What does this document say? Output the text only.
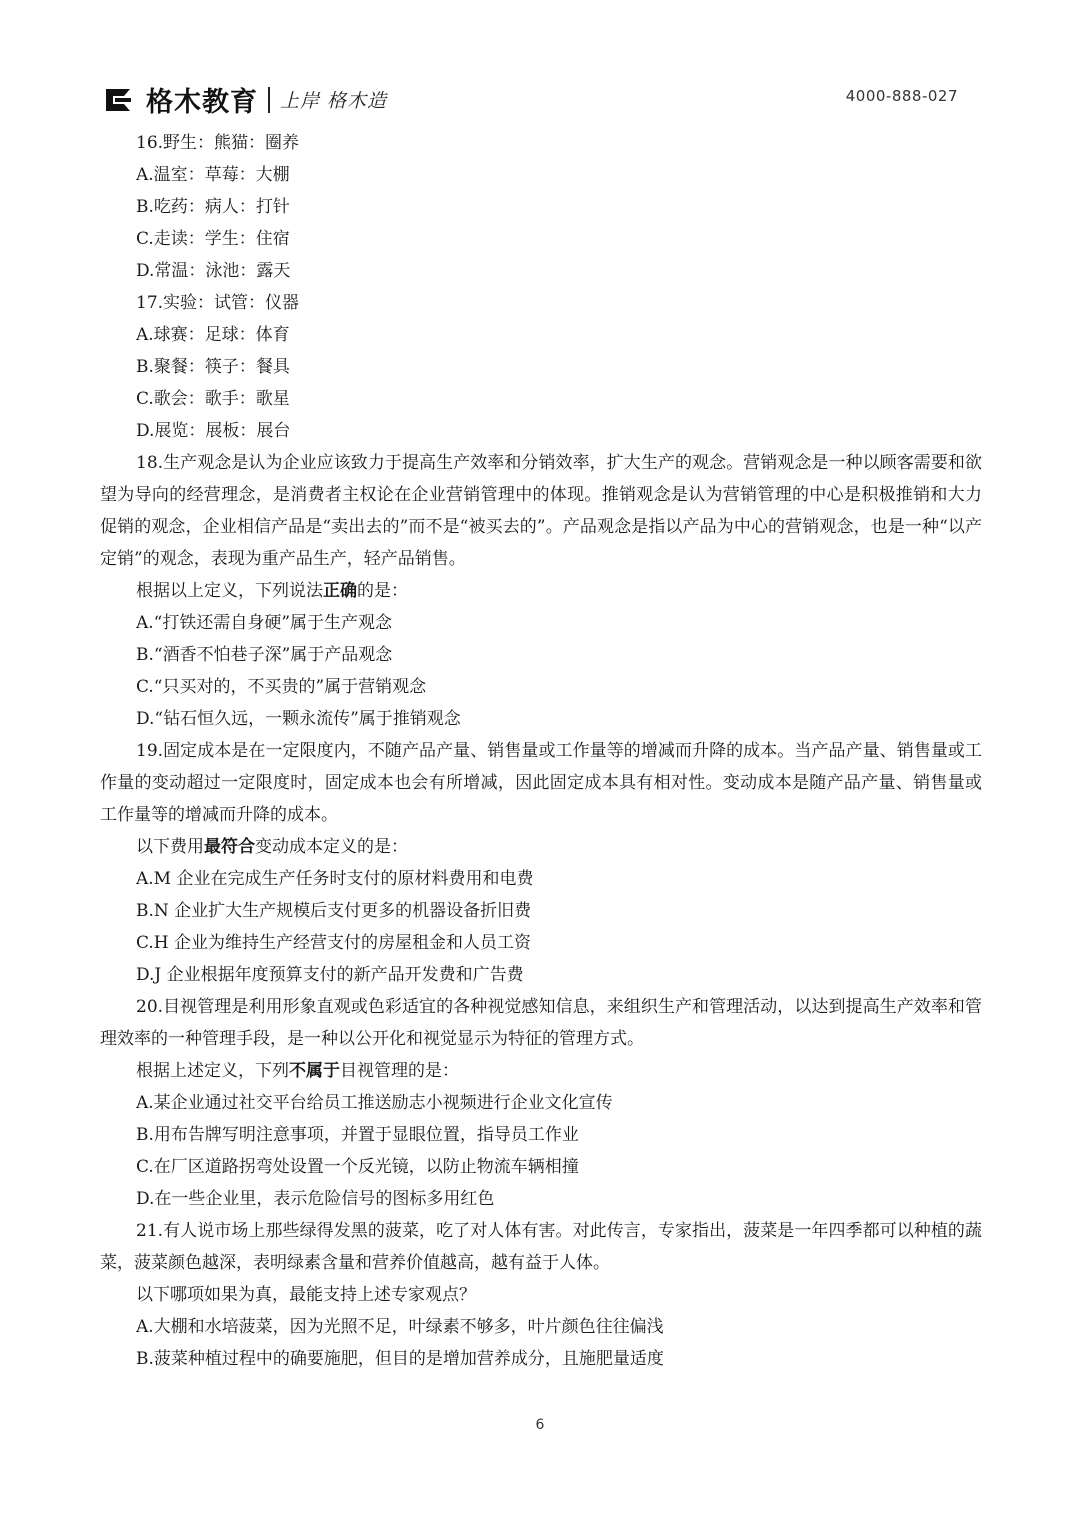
格木教育 上岸 格木造	4000-888-027

16.野生：熊猫：圈养

A.温室：草莓：大棚

B.吃药：病人：打针

C.走读：学生：住宿

D.常温：泳池：露天

17.实验：试管：仪器

A.球赛：足球：体育

B.聚餐：筷子：餐具

C.歌会：歌手：歌星

D.展览：展板：展台

18.生产观念是认为企业应该致力于提高生产效率和分销效率，扩大生产的观念。营销观念是一种以顾客需要和欲望为导向的经营理念，是消费者主权论在企业营销管理中的体现。推销观念是认为营销管理的中心是积极推销和大力促销的观念，企业相信产品是“卖出去的”而不是“被买去的”。产品观念是指以产品为中心的营销观念，也是一种“以产定销”的观念，表现为重产品生产，轻产品销售。

根据以上定义，下列说法正确的是：

A.“打铁还需自身硬”属于生产观念

B.“酒香不怕巷子深”属于产品观念

C.“只买对的，不买贵的”属于营销观念

D.“钻石恒久远，一颗永流传”属于推销观念

19.固定成本是在一定限度内，不随产品产量、销售量或工作量等的增减而升降的成本。当产品产量、销售量或工作量的变动超过一定限度时，固定成本也会有所增减，因此固定成本具有相对性。变动成本是随产品产量、销售量或工作量等的增减而升降的成本。

以下费用最符合变动成本定义的是：

A.M 企业在完成生产任务时支付的原材料费用和电费

B.N 企业扩大生产规模后支付更多的机器设备折旧费

C.H 企业为维持生产经营支付的房屋租金和人员工资

D.J 企业根据年度预算支付的新产品开发费和广告费

20.目视管理是利用形象直观或色彩适宜的各种视觉感知信息，来组织生产和管理活动，以达到提高生产效率和管理效率的一种管理手段，是一种以公开化和视觉显示为特征的管理方式。

根据上述定义，下列不属于目视管理的是：

A.某企业通过社交平台给员工推送励志小视频进行企业文化宣传

B.用布告牌写明注意事项，并置于显眼位置，指导员工作业

C.在厂区道路拐弯处设置一个反光镜，以防止物流车辆相撞

D.在一些企业里，表示危险信号的图标多用红色

21.有人说市场上那些绿得发黑的菠菜，吃了对人体有害。对此传言，专家指出，菠菜是一年四季都可以种植的蔬菜，菠菜颜色越深，表明绿素含量和营养价值越高，越有益于人体。

以下哪项如果为真，最能支持上述专家观点？

A.大棚和水培菠菜，因为光照不足，叶绿素不够多，叶片颜色往往偏浅

B.菠菜种植过程中的确要施肥，但目的是增加营养成分，且施肥量适度

6
